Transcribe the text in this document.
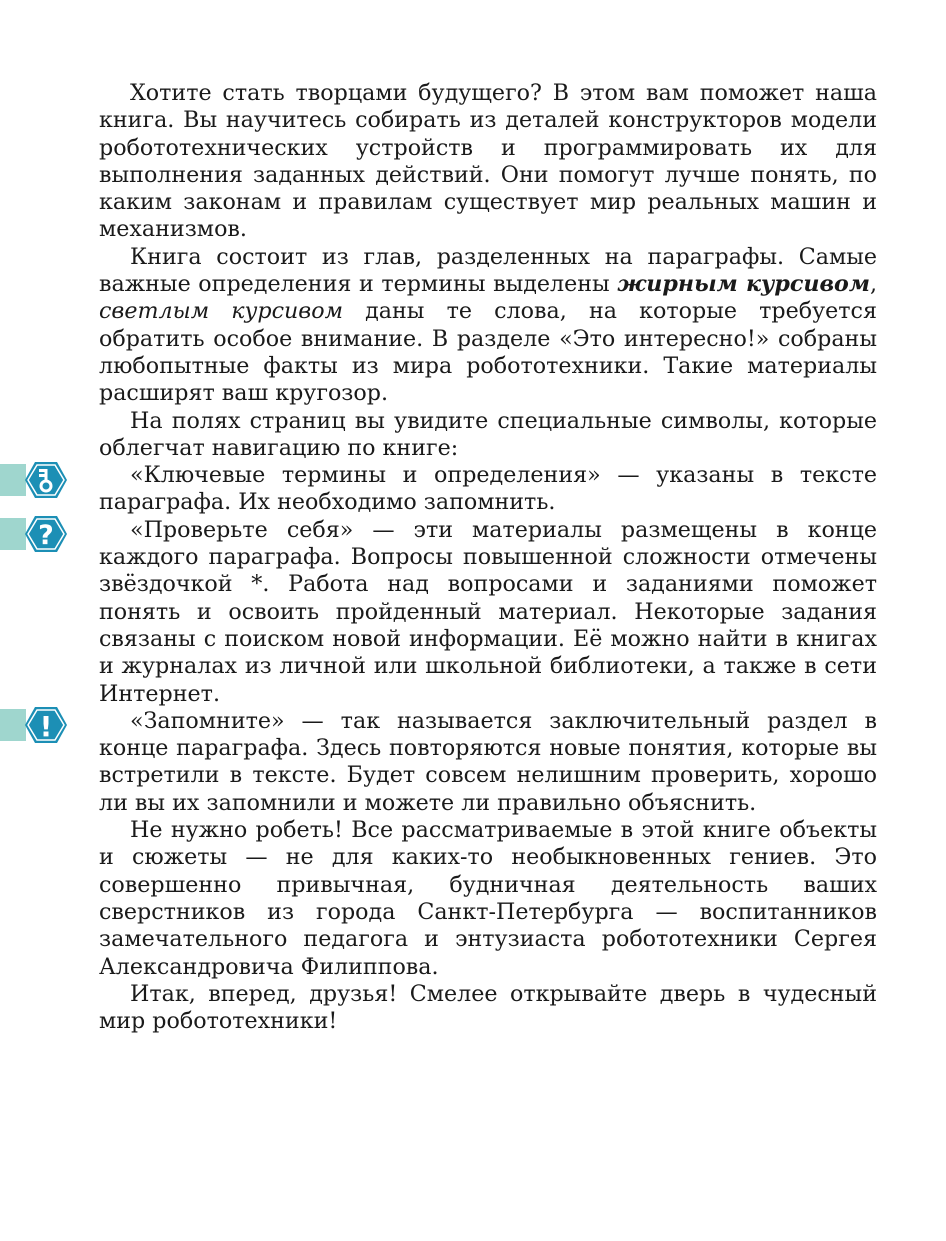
?
!

Хотите стать творцами будущего? В этом вам поможет наша книга. Вы научитесь собирать из деталей конструкторов модели робототехнических устройств и программировать их для выполнения заданных действий. Они помогут лучше понять, по каким законам и правилам существует мир реальных машин и механизмов.

Книга состоит из глав, разделенных на параграфы. Самые важные определения и термины выделены жирным курсивом, светлым курсивом даны те слова, на которые требуется обратить особое внимание. В разделе «Это интересно!» собраны любопытные факты из мира робототехники. Такие материалы расширят ваш кругозор.

На полях страниц вы увидите специальные символы, которые облегчат навигацию по книге:

«Ключевые термины и определения» — указаны в тексте параграфа. Их необходимо запомнить.

«Проверьте себя» — эти материалы размещены в конце каждого параграфа. Вопросы повышенной сложности отмечены звёздочкой *. Работа над вопросами и заданиями поможет понять и освоить пройденный материал. Некоторые задания связаны с поиском новой информации. Её можно найти в книгах и журналах из личной или школьной библиотеки, а также в сети Интернет.

«Запомните» — так называется заключительный раздел в конце параграфа. Здесь повторяются новые понятия, которые вы встретили в тексте. Будет совсем нелишним проверить, хорошо ли вы их запомнили и можете ли правильно объяснить.

Не нужно робеть! Все рассматриваемые в этой книге объекты и сюжеты — не для каких-то необыкновенных гениев. Это совершенно привычная, будничная деятельность ваших сверстников из города Санкт-Петербурга — воспитанников замечательного педагога и энтузиаста робототехники Сергея Александровича Филиппова.

Итак, вперед, друзья! Смелее открывайте дверь в чудесный мир робототехники!
